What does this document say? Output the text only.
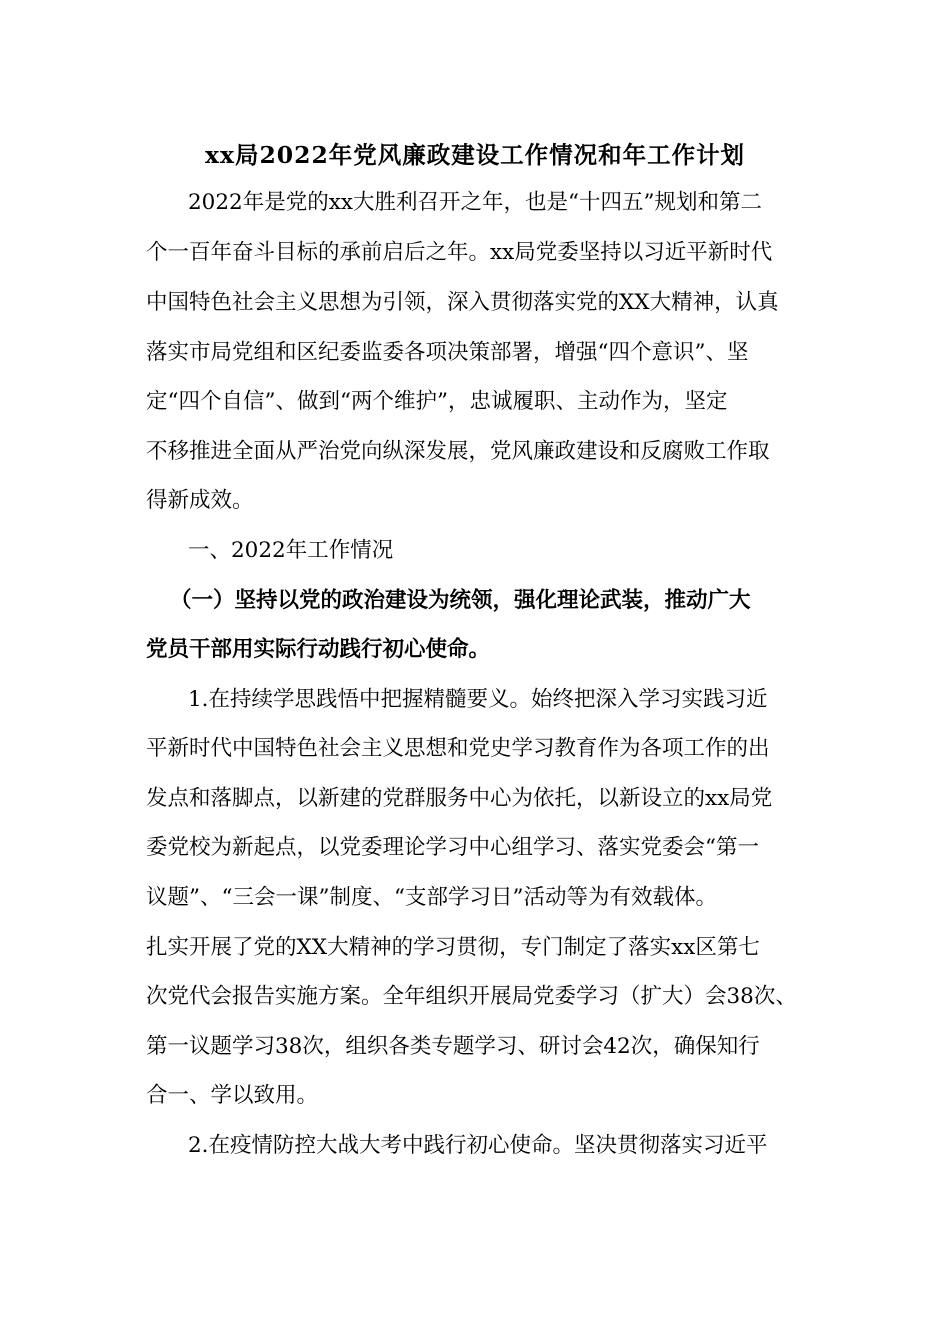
xx局2022年党风廉政建设工作情况和年工作计划
2022年是党的xx大胜利召开之年，也是“十四五”规划和第二
个一百年奋斗目标的承前启后之年。xx局党委坚持以习近平新时代
中国特色社会主义思想为引领，深入贯彻落实党的XX大精神，认真
落实市局党组和区纪委监委各项决策部署，增强“四个意识”、坚
定“四个自信”、做到“两个维护”，忠诚履职、主动作为，坚定
不移推进全面从严治党向纵深发展，党风廉政建设和反腐败工作取
得新成效。
一、2022年工作情况
（一）坚持以党的政治建设为统领，强化理论武装，推动广大
党员干部用实际行动践行初心使命。
1.在持续学思践悟中把握精髓要义。始终把深入学习实践习近
平新时代中国特色社会主义思想和党史学习教育作为各项工作的出
发点和落脚点，以新建的党群服务中心为依托，以新设立的xx局党
委党校为新起点，以党委理论学习中心组学习、落实党委会“第一
议题”、“三会一课”制度、“支部学习日”活动等为有效载体。
扎实开展了党的XX大精神的学习贯彻，专门制定了落实xx区第七
次党代会报告实施方案。全年组织开展局党委学习（扩大）会38次、
第一议题学习38次，组织各类专题学习、研讨会42次，确保知行
合一、学以致用。
2.在疫情防控大战大考中践行初心使命。坚决贯彻落实习近平
